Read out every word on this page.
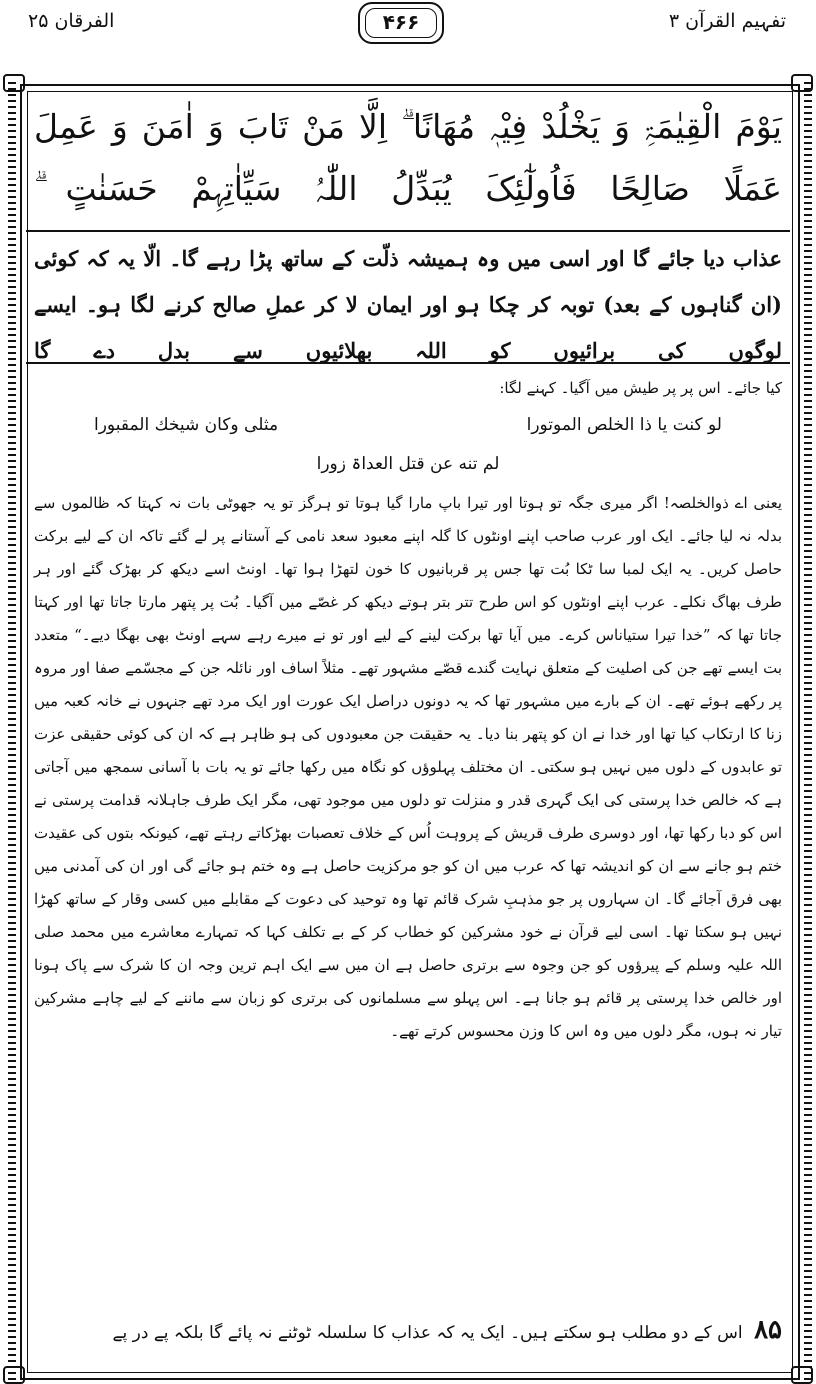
تفہیم القرآن ۳
۴۶۶
الفرقان ۲۵
یَوْمَ الْقِیٰمَۃِ وَ یَخْلُدْ فِیْہٖ مُھَانًا ۗ اِلَّا مَنْ تَابَ وَ اٰمَنَ وَ عَمِلَ عَمَلًا صَالِحًا فَاُولٰٓئِکَ یُبَدِّلُ اللّٰہُ سَیِّاٰتِہِمْ حَسَنٰتٍ ۗ
عذاب دیا جائے گا اور اسی میں وہ ہمیشہ ذلّت کے ساتھ پڑا رہے گا۔ الّا یہ کہ کوئی (ان گناہوں کے بعد) توبہ کر چکا ہو اور ایمان لا کر عملِ صالح کرنے لگا ہو۔ ایسے لوگوں کی برائیوں کو اللہ بھلائیوں سے بدل دے گا

کیا جائے۔ اس پر پر طیش میں آگیا۔ کہنے لگا:

لو کنت یا ذا الخلص الموتورا
مثلی وکان شیخك المقبورا
لم تنه عن قتل العداۃ زورا

یعنی اے ذوالخلصہ! اگر میری جگہ تو ہوتا اور تیرا باپ مارا گیا ہوتا تو ہرگز تو یہ جھوٹی بات نہ کہتا کہ ظالموں سے بدلہ نہ لیا جائے۔ ایک اور عرب صاحب اپنے اونٹوں کا گلہ اپنے معبود سعد نامی کے آستانے پر لے گئے تاکہ ان کے لیے برکت حاصل کریں۔ یہ ایک لمبا سا ٹکا بُت تھا جس پر قربانیوں کا خون لتھڑا ہوا تھا۔ اونٹ اسے دیکھ کر بھڑک گئے اور ہر طرف بھاگ نکلے۔ عرب اپنے اونٹوں کو اس طرح تتر بتر ہوتے دیکھ کر غصّے میں آگیا۔ بُت پر پتھر مارتا جاتا تھا اور کہتا جاتا تھا کہ ”خدا تیرا ستیاناس کرے۔ میں آیا تھا برکت لینے کے لیے اور تو نے میرے رہے سہے اونٹ بھی بھگا دیے۔“ متعدد بت ایسے تھے جن کی اصلیت کے متعلق نہایت گندے قصّے مشہور تھے۔ مثلاً اساف اور نائلہ جن کے مجسّمے صفا اور مروہ پر رکھے ہوئے تھے۔ ان کے بارے میں مشہور تھا کہ یہ دونوں دراصل ایک عورت اور ایک مرد تھے جنہوں نے خانہ کعبہ میں زنا کا ارتکاب کیا تھا اور خدا نے ان کو پتھر بنا دیا۔ یہ حقیقت جن معبودوں کی ہو ظاہر ہے کہ ان کی کوئی حقیقی عزت تو عابدوں کے دلوں میں نہیں ہو سکتی۔ ان مختلف پہلوؤں کو نگاہ میں رکھا جائے تو یہ بات با آسانی سمجھ میں آجاتی ہے کہ خالص خدا پرستی کی ایک گہری قدر و منزلت تو دلوں میں موجود تھی، مگر ایک طرف جاہلانہ قدامت پرستی نے اس کو دبا رکھا تھا، اور دوسری طرف قریش کے پروہت اُس کے خلاف تعصبات بھڑکاتے رہتے تھے، کیونکہ بتوں کی عقیدت ختم ہو جانے سے ان کو اندیشہ تھا کہ عرب میں ان کو جو مرکزیت حاصل ہے وہ ختم ہو جائے گی اور ان کی آمدنی میں بھی فرق آجائے گا۔ ان سہاروں پر جو مذہبِ شرک قائم تھا وہ توحید کی دعوت کے مقابلے میں کسی وقار کے ساتھ کھڑا نہیں ہو سکتا تھا۔ اسی لیے قرآن نے خود مشرکین کو خطاب کر کے بے تکلف کہا کہ تمہارے معاشرے میں محمد صلی اللہ علیہ وسلم کے پیرؤوں کو جن وجوہ سے برتری حاصل ہے ان میں سے ایک اہم ترین وجہ ان کا شرک سے پاک ہونا اور خالص خدا پرستی پر قائم ہو جانا ہے۔ اس پہلو سے مسلمانوں کی برتری کو زبان سے ماننے کے لیے چاہے مشرکین تیار نہ ہوں، مگر دلوں میں وہ اس کا وزن محسوس کرتے تھے۔

۸۵ اس کے دو مطلب ہو سکتے ہیں۔ ایک یہ کہ عذاب کا سلسلہ ٹوٹنے نہ پائے گا بلکہ پے در پے
